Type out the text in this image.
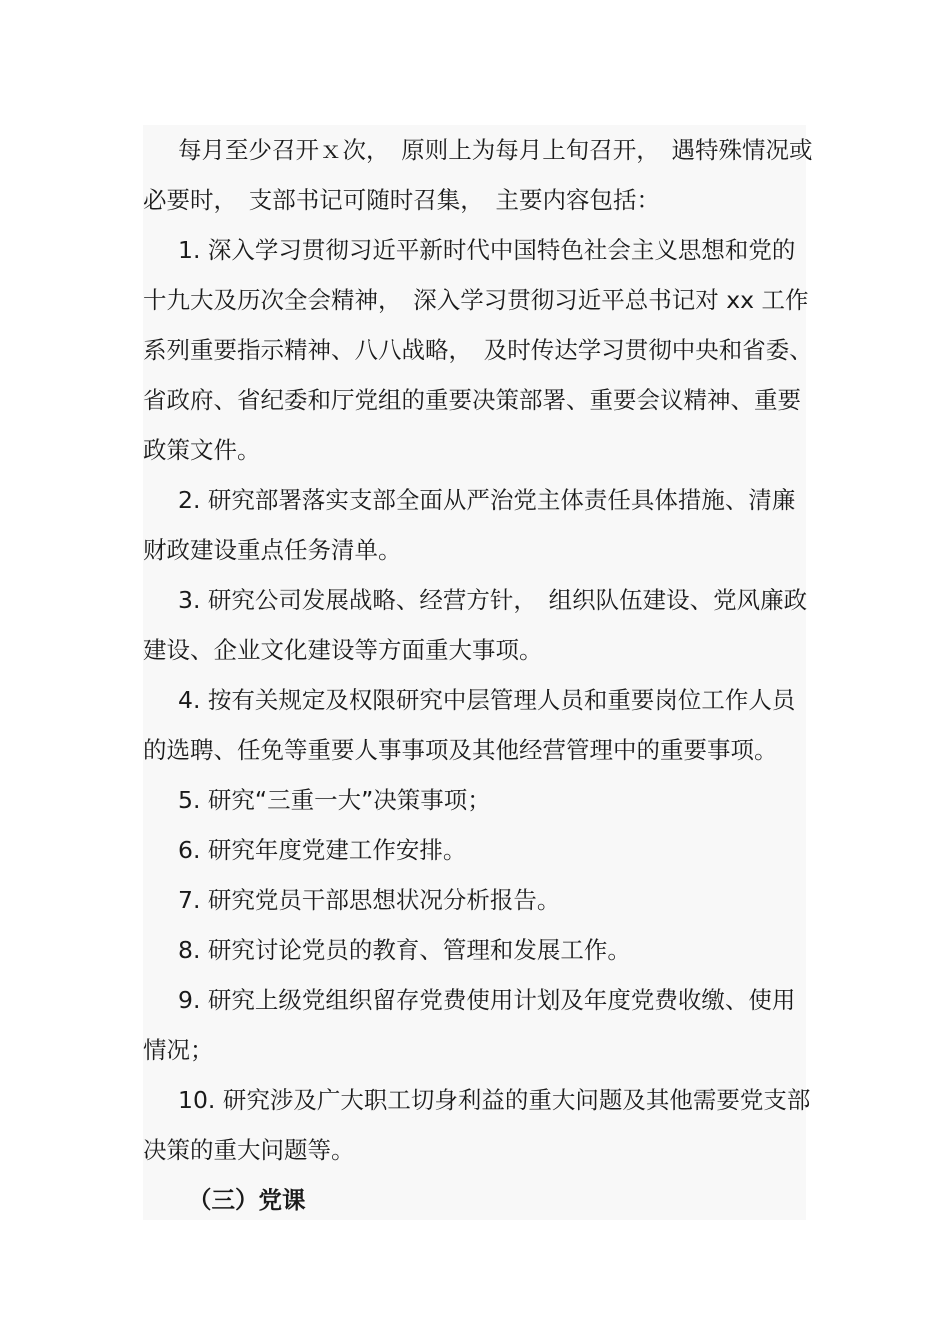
每月至少召开ｘ次，　原则上为每月上旬召开，　遇特殊情况或必要时，　支部书记可随时召集，　主要内容包括：

1. 深入学习贯彻习近平新时代中国特色社会主义思想和党的十九大及历次全会精神，　深入学习贯彻习近平总书记对 xx 工作系列重要指示精神、八八战略，　及时传达学习贯彻中央和省委、省政府、省纪委和厅党组的重要决策部署、重要会议精神、重要政策文件。

2. 研究部署落实支部全面从严治党主体责任具体措施、清廉财政建设重点任务清单。

3. 研究公司发展战略、经营方针，　组织队伍建设、党风廉政建设、企业文化建设等方面重大事项。

4. 按有关规定及权限研究中层管理人员和重要岗位工作人员的选聘、任免等重要人事事项及其他经营管理中的重要事项。

5. 研究“三重一大”决策事项；

6. 研究年度党建工作安排。

7. 研究党员干部思想状况分析报告。

8. 研究讨论党员的教育、管理和发展工作。

9. 研究上级党组织留存党费使用计划及年度党费收缴、使用情况；

10. 研究涉及广大职工切身利益的重大问题及其他需要党支部决策的重大问题等。

（三）党课
